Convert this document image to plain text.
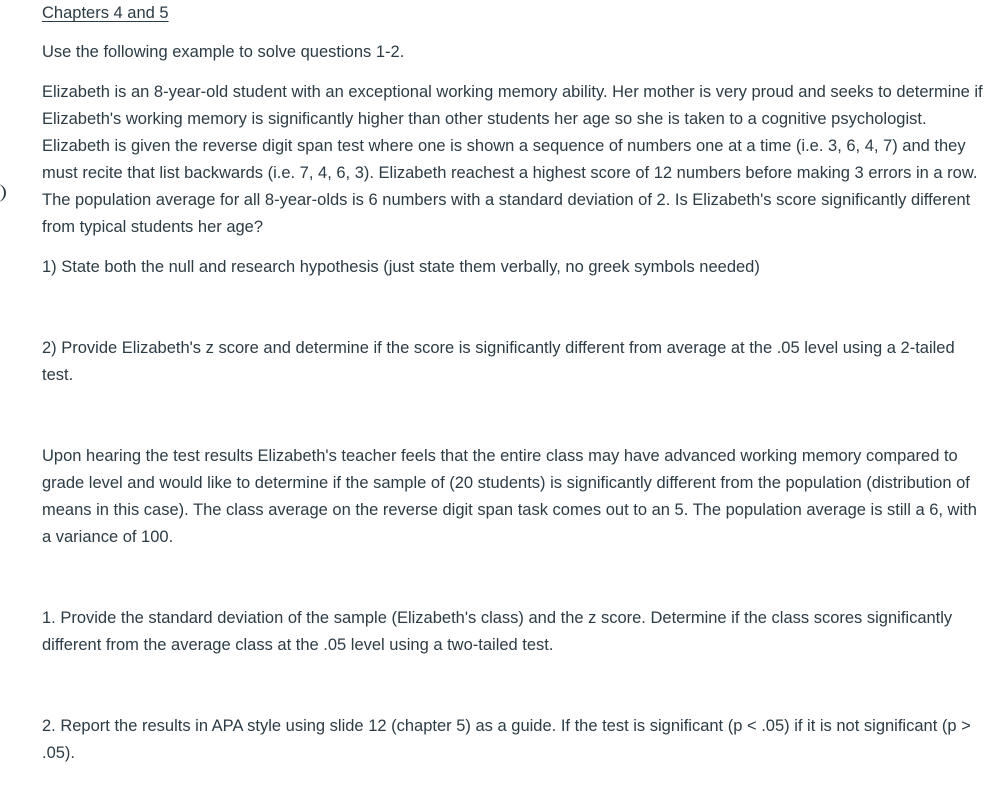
Chapters 4 and 5

Use the following example to solve questions 1-2.

Elizabeth is an 8-year-old student with an exceptional working memory ability. Her mother is very proud and seeks to determine if Elizabeth's working memory is significantly higher than other students her age so she is taken to a cognitive psychologist. Elizabeth is given the reverse digit span test where one is shown a sequence of numbers one at a time (i.e. 3, 6, 4, 7) and they must recite that list backwards (i.e. 7, 4, 6, 3). Elizabeth reachest a highest score of 12 numbers before making 3 errors in a row. The population average for all 8-year-olds is 6 numbers with a standard deviation of 2. Is Elizabeth's score significantly different from typical students her age?

1) State both the null and research hypothesis (just state them verbally, no greek symbols needed)

2) Provide Elizabeth's z score and determine if the score is significantly different from average at the .05 level using a 2-tailed test.

Upon hearing the test results Elizabeth's teacher feels that the entire class may have advanced working memory compared to grade level and would like to determine if the sample of (20 students) is significantly different from the population (distribution of means in this case). The class average on the reverse digit span task comes out to an 5. The population average is still a 6, with a variance of 100.

1. Provide the standard deviation of the sample (Elizabeth's class) and the z score. Determine if the class scores significantly different from the average class at the .05 level using a two-tailed test.

2. Report the results in APA style using slide 12 (chapter 5) as a guide. If the test is significant (p < .05) if it is not significant (p > .05).
